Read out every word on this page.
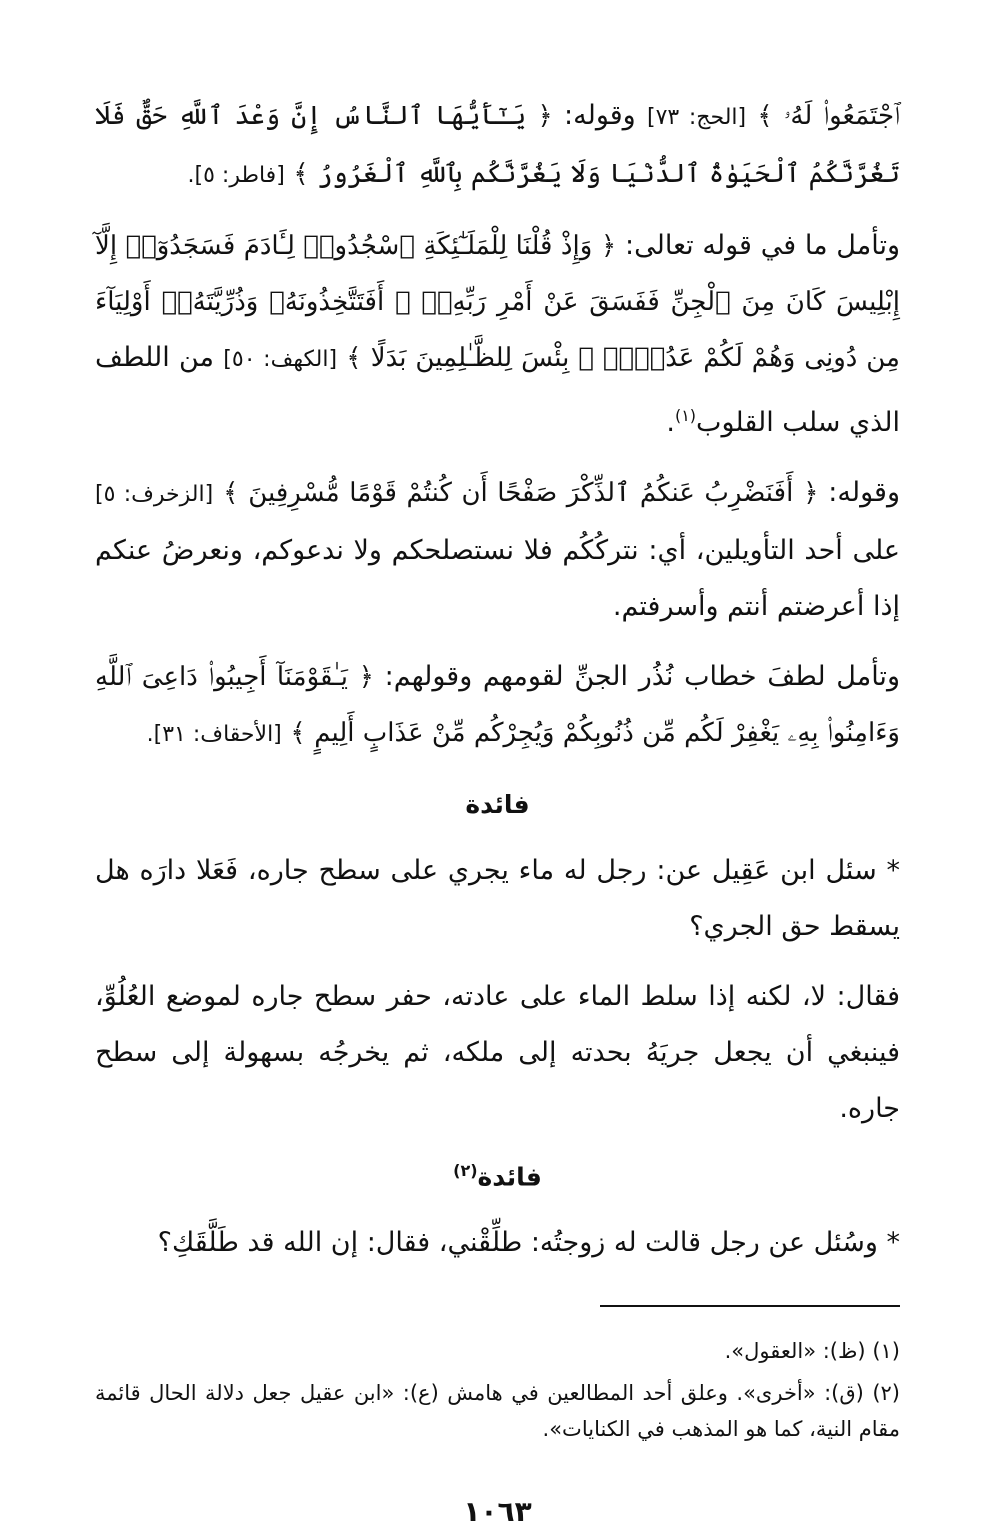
ٱجْتَمَعُوا۟ لَهُۥ ﴾ [الحج: ٧٣] وقوله: ﴿ يَـٰٓأَيُّهَا ٱلنَّاسُ إِنَّ وَعْدَ ٱللَّهِ حَقٌّ فَلَا تَغُرَّنَّكُمُ ٱلْحَيَوٰةُ ٱلدُّنْيَا وَلَا يَغُرَّنَّكُم بِٱللَّهِ ٱلْغَرُورُ ﴾ [فاطر: ٥].

وتأمل ما في قوله تعالى: ﴿ وَإِذْ قُلْنَا لِلْمَلَـٰٓئِكَةِ ٱسْجُدُوا۟ لِـَٔادَمَ فَسَجَدُوٓا۟ إِلَّآ إِبْلِيسَ كَانَ مِنَ ٱلْجِنِّ فَفَسَقَ عَنْ أَمْرِ رَبِّهِۦٓ ۗ أَفَتَتَّخِذُونَهُۥ وَذُرِّيَّتَهُۥٓ أَوْلِيَآءَ مِن دُونِى وَهُمْ لَكُمْ عَدُوٌّۢ ۚ بِئْسَ لِلظَّـٰلِمِينَ بَدَلًا ﴾ [الكهف: ٥٠] من اللطف الذي سلب القلوب$^{(١)}$.

وقوله: ﴿ أَفَنَضْرِبُ عَنكُمُ ٱلذِّكْرَ صَفْحًا أَن كُنتُمْ قَوْمًا مُّسْرِفِينَ ﴾ [الزخرف: ٥] على أحد التأويلين، أي: نتركُكُم فلا نستصلحكم ولا ندعوكم، ونعرضُ عنكم إذا أعرضتم أنتم وأسرفتم.

وتأمل لطفَ خطاب نُذُر الجنِّ لقومهم وقولهم: ﴿ يَـٰقَوْمَنَآ أَجِيبُوا۟ دَاعِىَ ٱللَّهِ وَءَامِنُوا۟ بِهِۦ يَغْفِرْ لَكُم مِّن ذُنُوبِكُمْ وَيُجِرْكُم مِّنْ عَذَابٍ أَلِيمٍ ﴾ [الأحقاف: ٣١].

فائدة

* سئل ابن عَقِيل عن: رجل له ماء يجري على سطح جاره، فَعَلا دارَه هل يسقط حق الجري؟

فقال: لا، لكنه إذا سلط الماء على عادته، حفر سطح جاره لموضع العُلُوِّ، فينبغي أن يجعل جريَهُ بحدته إلى ملكه، ثم يخرجُه بسهولة إلى سطح جاره.

فائدة$^{(٢)}$

* وسُئل عن رجل قالت له زوجتُه: طلِّقْني، فقال: إن الله قد طَلَّقَكِ؟

(١) (ظ): «العقول».

(٢) (ق): «أخرى». وعلق أحد المطالعين في هامش (ع): «ابن عقيل جعل دلالة الحال قائمة مقام النية، كما هو المذهب في الكنايات».

١٠٦٣
